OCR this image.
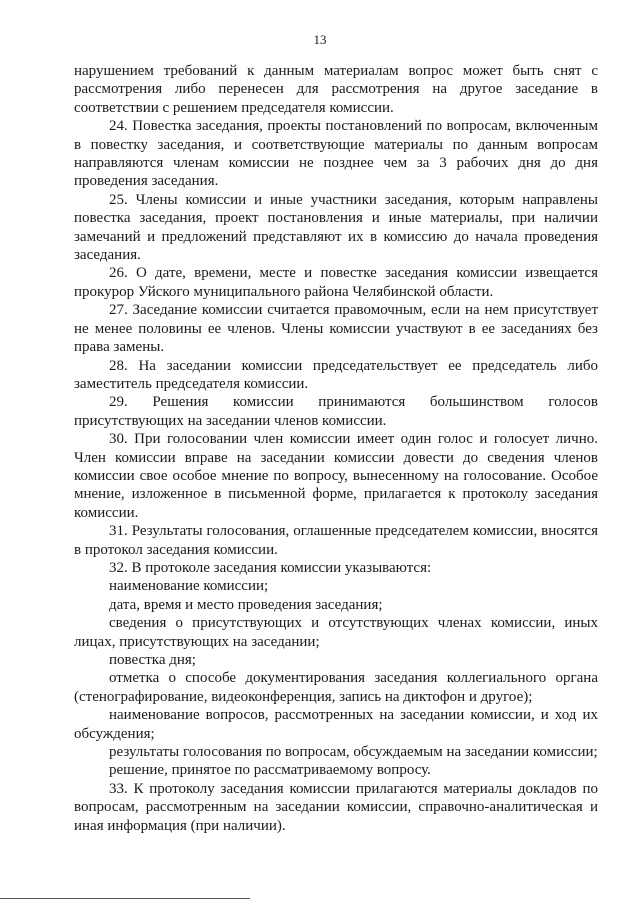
13

нарушением требований к данным материалам вопрос может быть снят с рассмотрения либо перенесен для рассмотрения на другое заседание в соответствии с решением председателя комиссии.

24. Повестка заседания, проекты постановлений по вопросам, включенным в повестку заседания, и соответствующие материалы по данным вопросам направляются членам комиссии не позднее чем за 3 рабочих дня до дня проведения заседания.

25. Члены комиссии и иные участники заседания, которым направлены повестка заседания, проект постановления и иные материалы, при наличии замечаний и предложений представляют их в комиссию до начала проведения заседания.

26. О дате, времени, месте и повестке заседания комиссии извещается прокурор Уйского муниципального района Челябинской области.

27. Заседание комиссии считается правомочным, если на нем присутствует не менее половины ее членов. Члены комиссии участвуют в ее заседаниях без права замены.

28. На заседании комиссии председательствует ее председатель либо заместитель председателя комиссии.

29. Решения комиссии принимаются большинством голосов присутствующих на заседании членов комиссии.

30. При голосовании член комиссии имеет один голос и голосует лично. Член комиссии вправе на заседании комиссии довести до сведения членов комиссии свое особое мнение по вопросу, вынесенному на голосование. Особое мнение, изложенное в письменной форме, прилагается к протоколу заседания комиссии.

31. Результаты голосования, оглашенные председателем комиссии, вносятся в протокол заседания комиссии.

32. В протоколе заседания комиссии указываются:

наименование комиссии;

дата, время и место проведения заседания;

сведения о присутствующих и отсутствующих членах комиссии, иных лицах, присутствующих на заседании;

повестка дня;

отметка о способе документирования заседания коллегиального органа (стенографирование, видеоконференция, запись на диктофон и другое);

наименование вопросов, рассмотренных на заседании комиссии, и ход их обсуждения;

результаты голосования по вопросам, обсуждаемым на заседании комиссии;

решение, принятое по рассматриваемому вопросу.

33. К протоколу заседания комиссии прилагаются материалы докладов по вопросам, рассмотренным на заседании комиссии, справочно-аналитическая и иная информация (при наличии).
